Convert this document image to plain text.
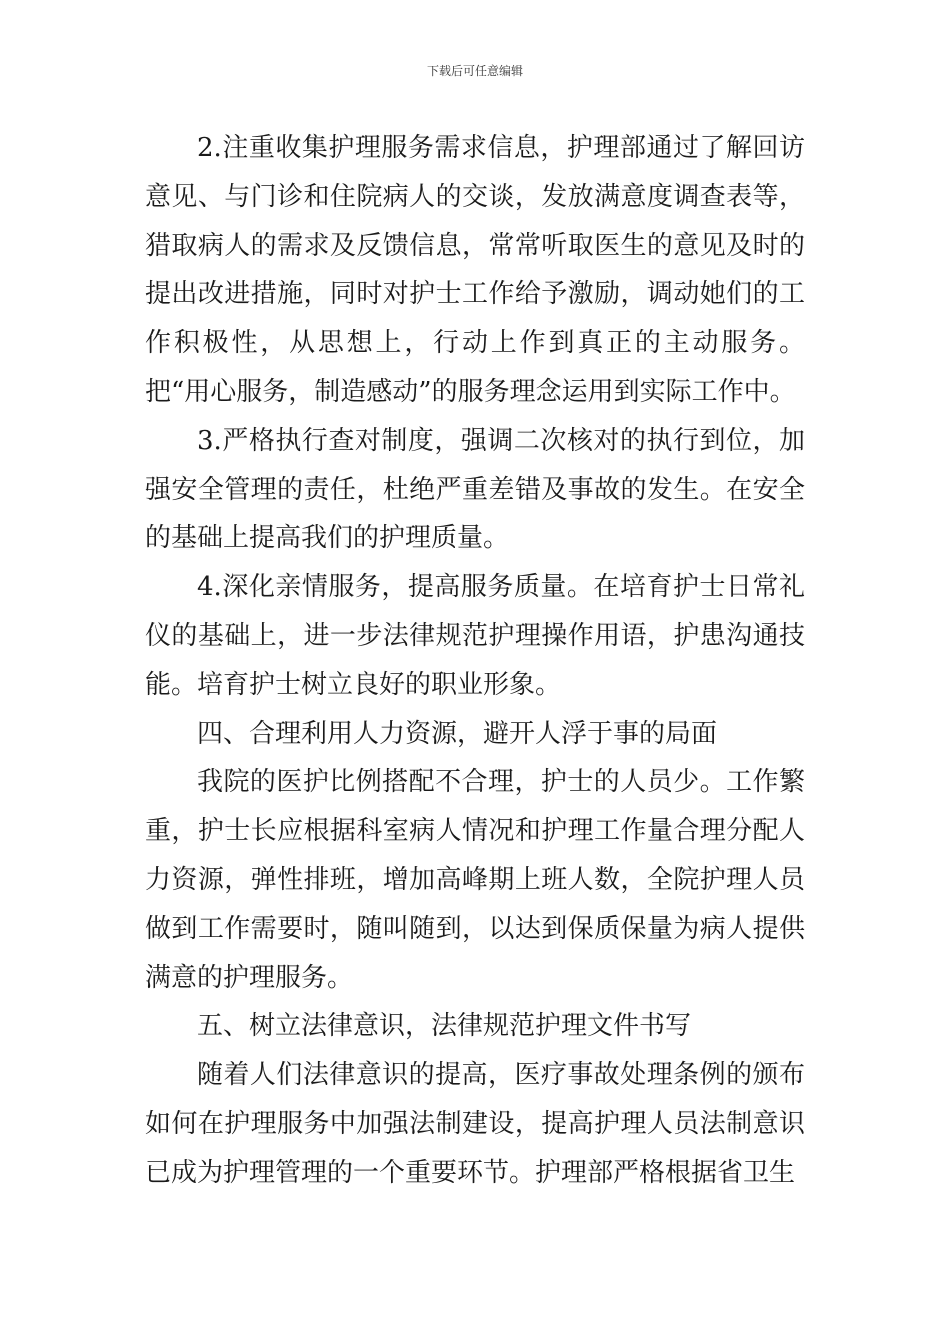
下载后可任意编辑

2.注重收集护理服务需求信息，护理部通过了解回访意见、与门诊和住院病人的交谈，发放满意度调查表等，猎取病人的需求及反馈信息，常常听取医生的意见及时的提出改进措施，同时对护士工作给予激励，调动她们的工作积极性，从思想上，行动上作到真正的主动服务。把“用心服务，制造感动”的服务理念运用到实际工作中。

3.严格执行查对制度，强调二次核对的执行到位，加强安全管理的责任，杜绝严重差错及事故的发生。在安全的基础上提高我们的护理质量。

4.深化亲情服务，提高服务质量。在培育护士日常礼仪的基础上，进一步法律规范护理操作用语，护患沟通技能。培育护士树立良好的职业形象。

四、合理利用人力资源，避开人浮于事的局面

我院的医护比例搭配不合理，护士的人员少。工作繁重，护士长应根据科室病人情况和护理工作量合理分配人力资源，弹性排班，增加高峰期上班人数，全院护理人员做到工作需要时，随叫随到，以达到保质保量为病人提供满意的护理服务。

五、树立法律意识，法律规范护理文件书写

随着人们法律意识的提高，医疗事故处理条例的颁布如何在护理服务中加强法制建设，提高护理人员法制意识已成为护理管理的一个重要环节。护理部严格根据省卫生
